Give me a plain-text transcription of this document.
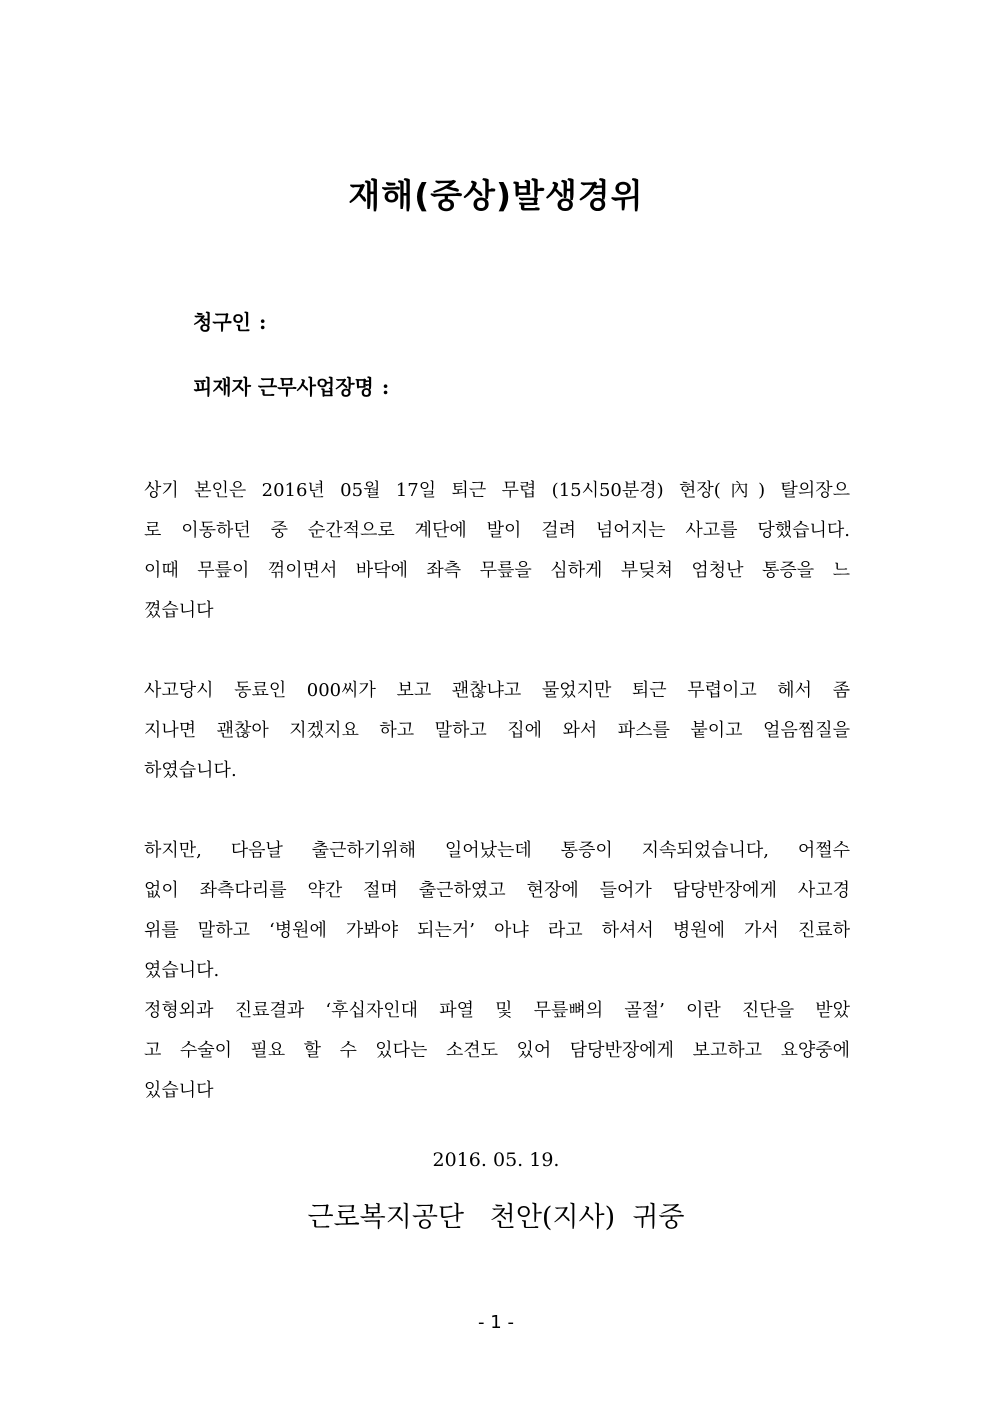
재해(중상)발생경위
청구인 :
피재자 근무사업장명 :
상기 본인은 2016년 05월 17일 퇴근 무렵 (15시50분경) 현장(內) 탈의장으
로 이동하던 중 순간적으로 계단에 발이 걸려 넘어지는 사고를 당했습니다.
이때 무릎이 꺾이면서 바닥에 좌측 무릎을 심하게 부딪쳐 엄청난 통증을 느
꼈습니다
사고당시 동료인 000씨가 보고 괜찮냐고 물었지만 퇴근 무렵이고 헤서 좀
지나면 괜찮아 지겠지요 하고 말하고 집에 와서 파스를 붙이고 얼음찜질을
하였습니다.
하지만, 다음날 출근하기위해 일어났는데 통증이 지속되었습니다, 어쩔수
없이 좌측다리를 약간 절며 출근하였고 현장에 들어가 담당반장에게 사고경
위를 말하고 ‘병원에 가봐야 되는거’ 아냐 라고 하셔서 병원에 가서 진료하
였습니다.
정형외과 진료결과 ‘후십자인대 파열 및 무릎뼈의 골절’ 이란 진단을 받았
고 수술이 필요 할 수 있다는 소견도 있어 담당반장에게 보고하고 요양중에
있습니다
2016. 05. 19.
근로복지공단   천안(지사)  귀중
- 1 -
